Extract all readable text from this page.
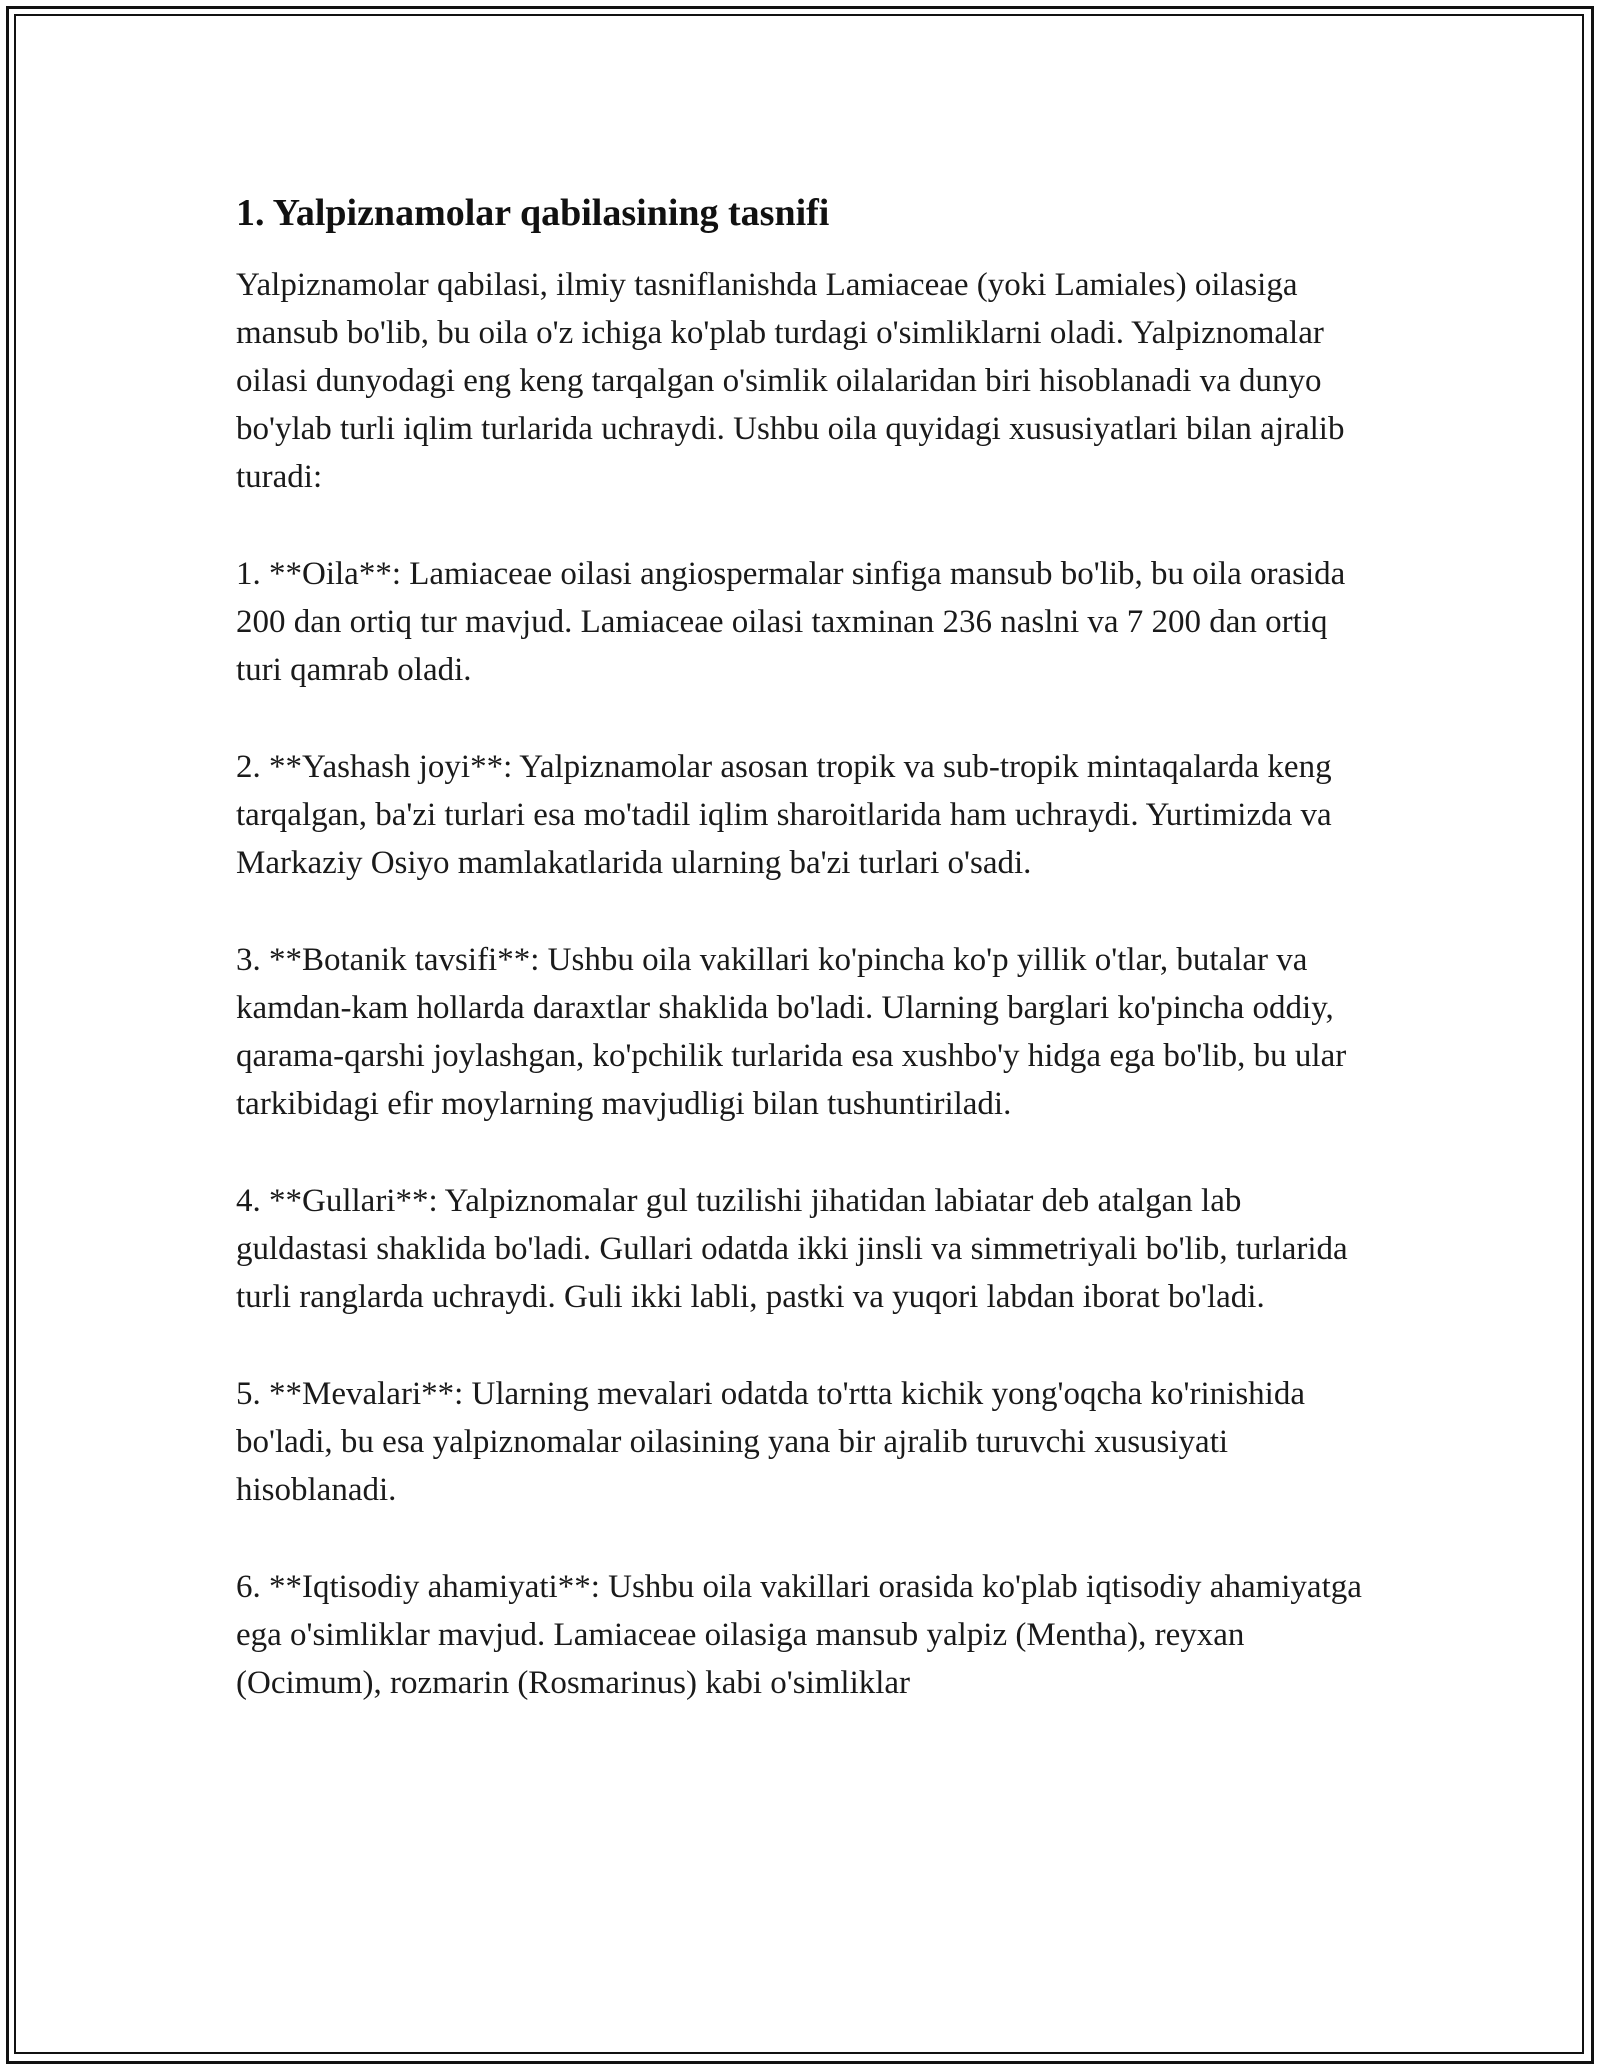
1. Yalpiznamolar qabilasining tasnifi

Yalpiznamolar qabilasi, ilmiy tasniflanishda Lamiaceae (yoki Lamiales) oilasiga mansub bo'lib, bu oila o'z ichiga ko'plab turdagi o'simliklarni oladi. Yalpiznomalar oilasi dunyodagi eng keng tarqalgan o'simlik oilalaridan biri hisoblanadi va dunyo bo'ylab turli iqlim turlarida uchraydi. Ushbu oila quyidagi xususiyatlari bilan ajralib turadi:

1. **Oila**: Lamiaceae oilasi angiospermalar sinfiga mansub bo'lib, bu oila orasida 200 dan ortiq tur mavjud. Lamiaceae oilasi taxminan 236 naslni va 7 200 dan ortiq turi qamrab oladi.

2. **Yashash joyi**: Yalpiznamolar asosan tropik va sub-tropik mintaqalarda keng tarqalgan, ba'zi turlari esa mo'tadil iqlim sharoitlarida ham uchraydi. Yurtimizda va Markaziy Osiyo mamlakatlarida ularning ba'zi turlari o'sadi.

3. **Botanik tavsifi**: Ushbu oila vakillari ko'pincha ko'p yillik o'tlar, butalar va kamdan-kam hollarda daraxtlar shaklida bo'ladi. Ularning barglari ko'pincha oddiy, qarama-qarshi joylashgan, ko'pchilik turlarida esa xushbo'y hidga ega bo'lib, bu ular tarkibidagi efir moylarning mavjudligi bilan tushuntiriladi.

4. **Gullari**: Yalpiznomalar gul tuzilishi jihatidan labiatar deb atalgan lab guldastasi shaklida bo'ladi. Gullari odatda ikki jinsli va simmetriyali bo'lib, turlarida turli ranglarda uchraydi. Guli ikki labli, pastki va yuqori labdan iborat bo'ladi.

5. **Mevalari**: Ularning mevalari odatda to'rtta kichik yong'oqcha ko'rinishida bo'ladi, bu esa yalpiznomalar oilasining yana bir ajralib turuvchi xususiyati hisoblanadi.

6. **Iqtisodiy ahamiyati**: Ushbu oila vakillari orasida ko'plab iqtisodiy ahamiyatga ega o'simliklar mavjud. Lamiaceae oilasiga mansub yalpiz (Mentha), reyxan (Ocimum), rozmarin (Rosmarinus) kabi o'simliklar
